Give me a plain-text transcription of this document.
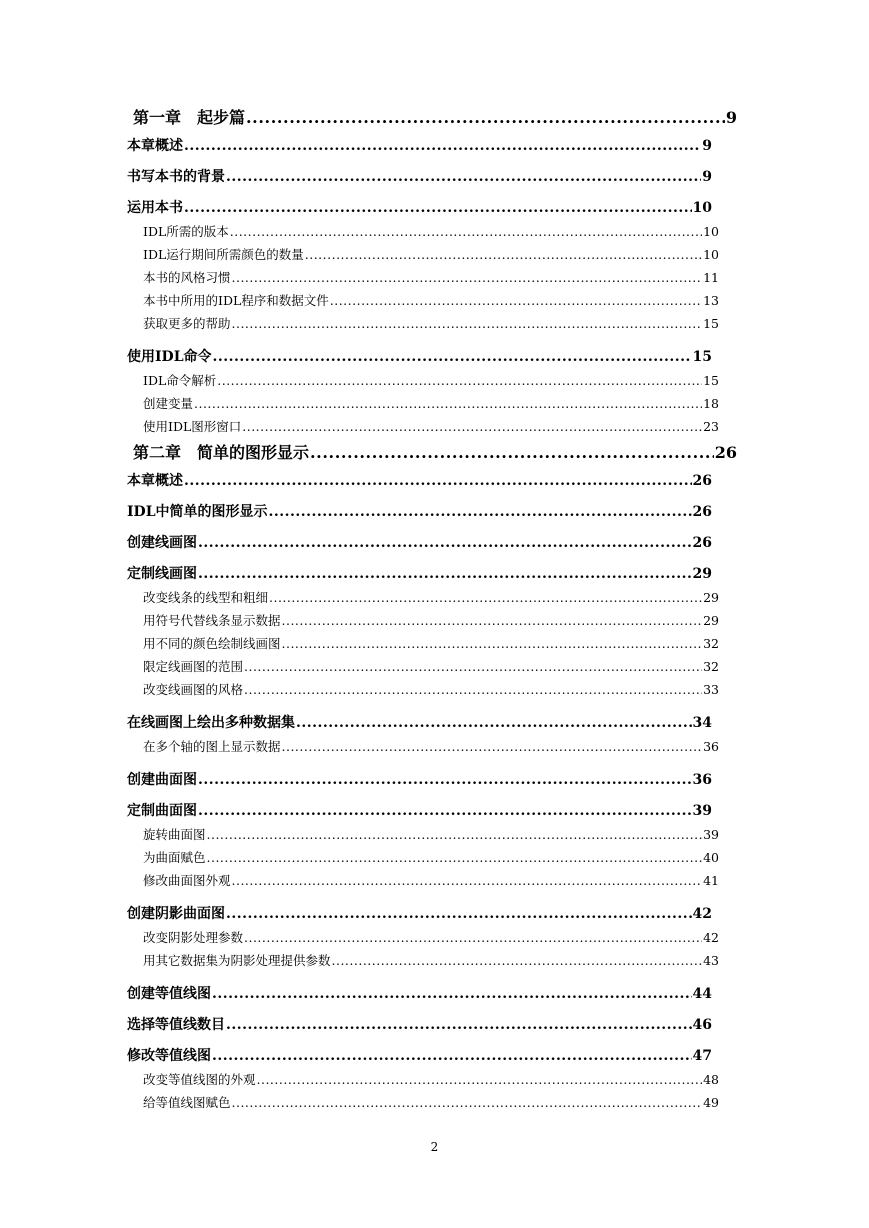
第一章　起步篇 .....	9
本章概述 .....	9
书写本书的背景 .....	9
运用本书 .....	10
IDL所需的版本 .....	10
IDL运行期间所需颜色的数量 .....	10
本书的风格习惯 .....	11
本书中所用的IDL程序和数据文件 .....	13
获取更多的帮助 .....	15
使用IDL命令 .....	15
IDL命令解析 .....	15
创建变量 .....	18
使用IDL图形窗口 .....	23
第二章　简单的图形显示 .....	26
本章概述 .....	26
IDL中简单的图形显示 .....	26
创建线画图 .....	26
定制线画图 .....	29
改变线条的线型和粗细 .....	29
用符号代替线条显示数据 .....	29
用不同的颜色绘制线画图 .....	32
限定线画图的范围 .....	32
改变线画图的风格 .....	33
在线画图上绘出多种数据集 .....	34
在多个轴的图上显示数据 .....	36
创建曲面图 .....	36
定制曲面图 .....	39
旋转曲面图 .....	39
为曲面赋色 .....	40
修改曲面图外观 .....	41
创建阴影曲面图 .....	42
改变阴影处理参数 .....	42
用其它数据集为阴影处理提供参数 .....	43
创建等值线图 .....	44
选择等值线数目 .....	46
修改等值线图 .....	47
改变等值线图的外观 .....	48
给等值线图赋色 .....	49
2
